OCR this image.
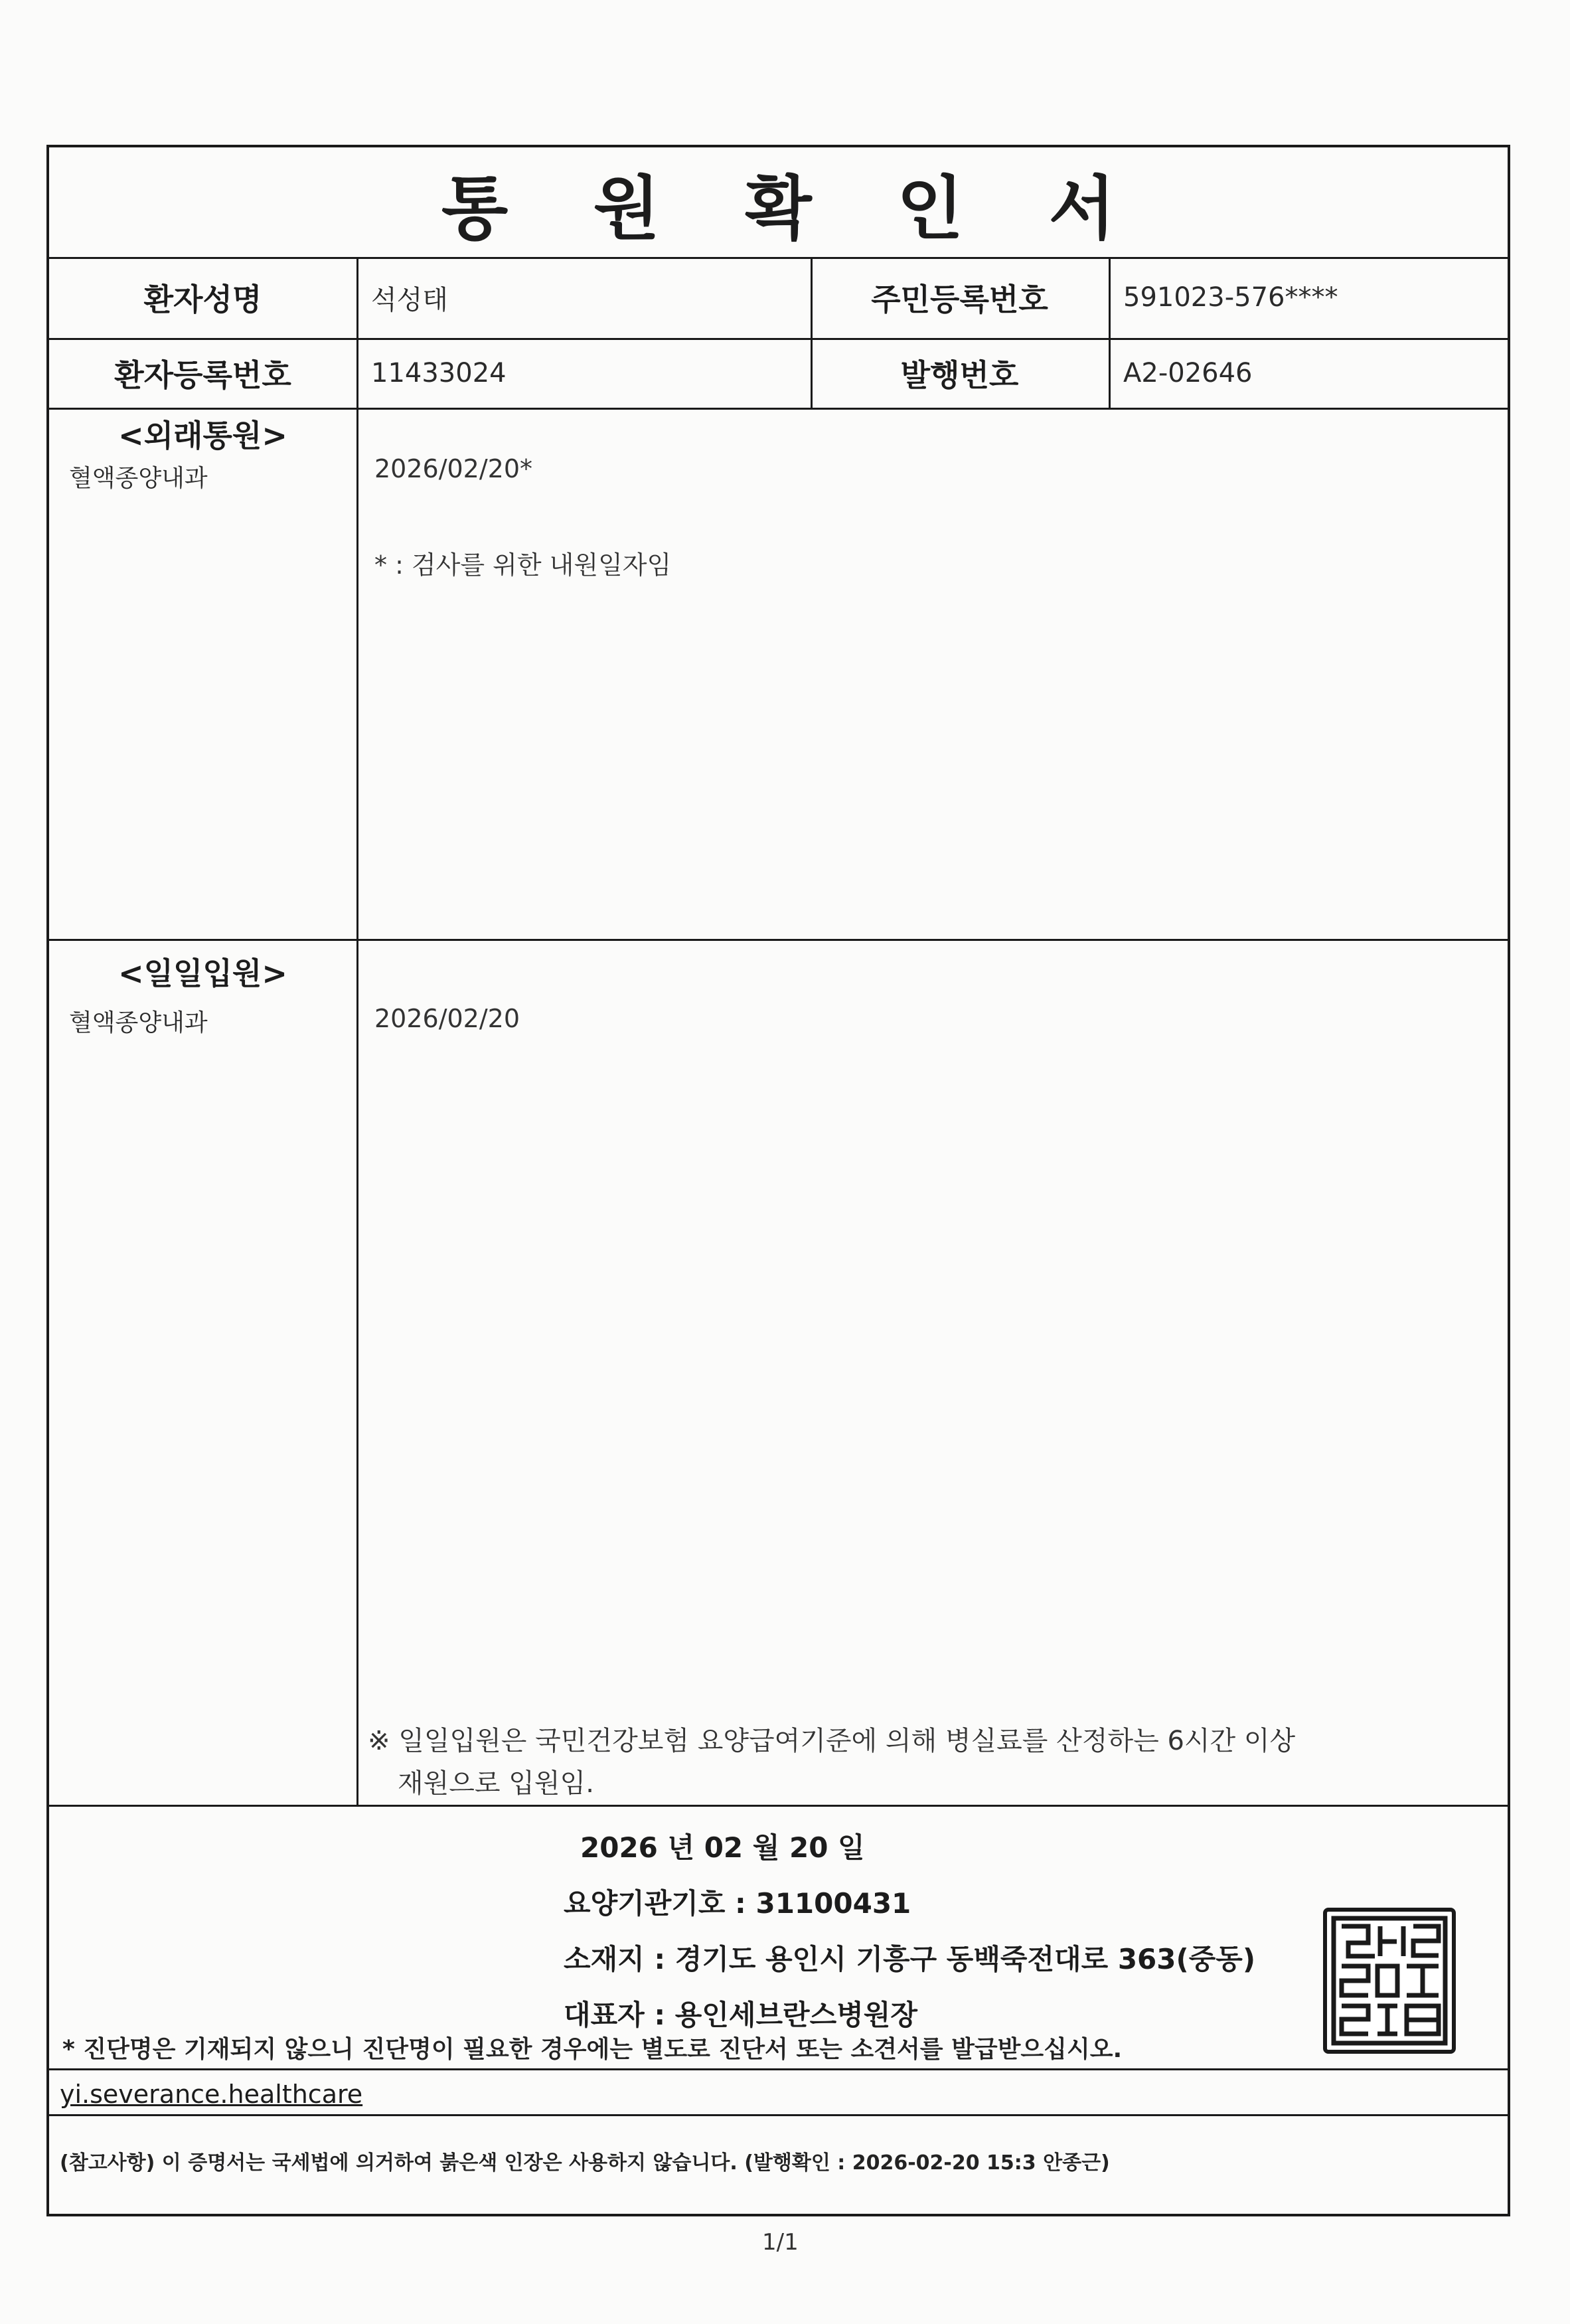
통 원 확 인 서
환자성명	석성태	주민등록번호	591023-576****
환자등록번호	11433024	발행번호	A2-02646
<외래통원>
혈액종양내과	2026/02/20*
* : 검사를 위한 내원일자임
<일일입원>
혈액종양내과	2026/02/20
※ 일일입원은 국민건강보험 요양급여기준에 의해 병실료를 산정하는 6시간 이상
재원으로 입원임.
2026 년 02 월 20 일
요양기관기호 : 31100431
소재지 : 경기도 용인시 기흥구 동백죽전대로 363(중동)
대표자 : 용인세브란스병원장
* 진단명은 기재되지 않으니 진단명이 필요한 경우에는 별도로 진단서 또는 소견서를 발급받으십시오.
yi.severance.healthcare
(참고사항) 이 증명서는 국세법에 의거하여 붉은색 인장은 사용하지 않습니다. (발행확인 : 2026-02-20 15:3 안종근)
1/1
